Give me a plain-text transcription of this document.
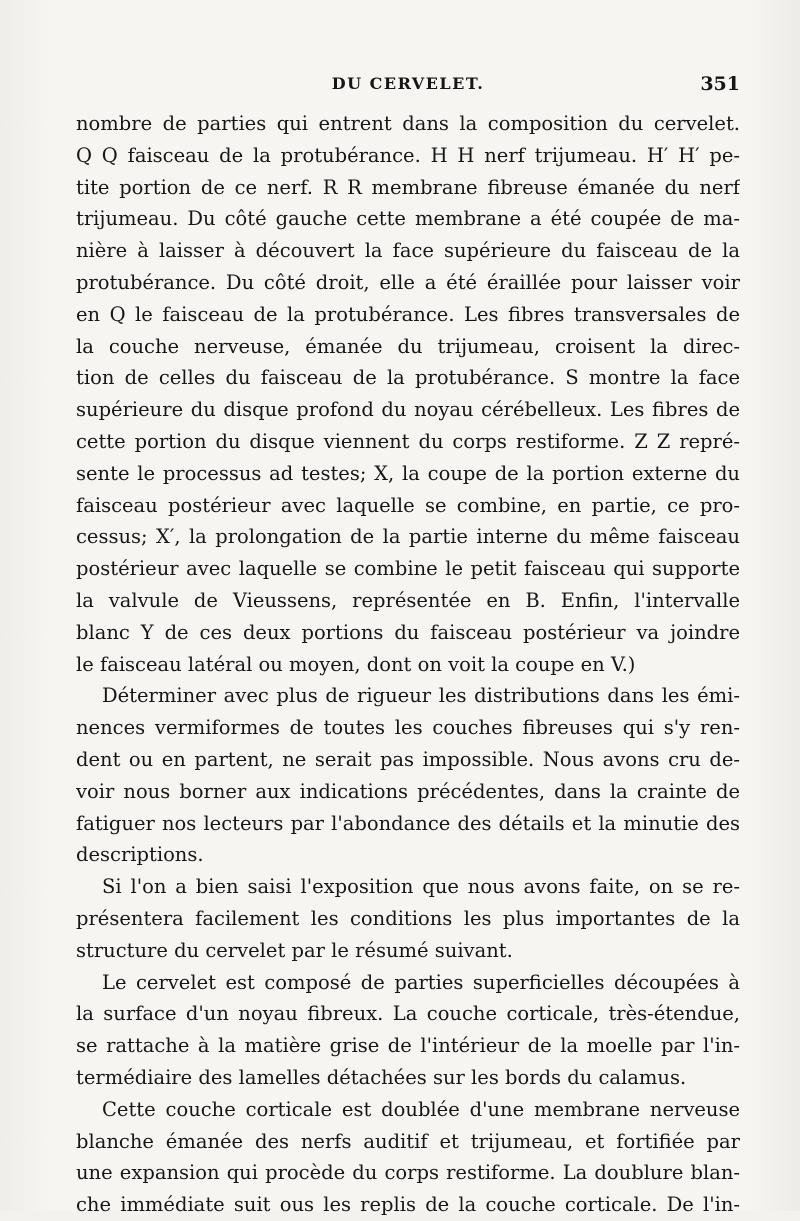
DU CERVELET.	351
nombre de parties qui entrent dans la composition du cervelet.
Q Q faisceau de la protubérance. H H nerf trijumeau. H′ H′ pe-
tite portion de ce nerf. R R membrane fibreuse émanée du nerf
trijumeau. Du côté gauche cette membrane a été coupée de ma-
nière à laisser à découvert la face supérieure du faisceau de la
protubérance. Du côté droit, elle a été éraillée pour laisser voir
en Q le faisceau de la protubérance. Les fibres transversales de
la couche nerveuse, émanée du trijumeau, croisent la direc-
tion de celles du faisceau de la protubérance. S montre la face
supérieure du disque profond du noyau cérébelleux. Les fibres de
cette portion du disque viennent du corps restiforme. Z Z repré-
sente le processus ad testes; X, la coupe de la portion externe du
faisceau postérieur avec laquelle se combine, en partie, ce pro-
cessus; X′, la prolongation de la partie interne du même faisceau
postérieur avec laquelle se combine le petit faisceau qui supporte
la valvule de Vieussens, représentée en B. Enfin, l'intervalle
blanc Y de ces deux portions du faisceau postérieur va joindre
le faisceau latéral ou moyen, dont on voit la coupe en V.)
Déterminer avec plus de rigueur les distributions dans les émi-
nences vermiformes de toutes les couches fibreuses qui s'y ren-
dent ou en partent, ne serait pas impossible. Nous avons cru de-
voir nous borner aux indications précédentes, dans la crainte de
fatiguer nos lecteurs par l'abondance des détails et la minutie des
descriptions.
Si l'on a bien saisi l'exposition que nous avons faite, on se re-
présentera facilement les conditions les plus importantes de la
structure du cervelet par le résumé suivant.
Le cervelet est composé de parties superficielles découpées à
la surface d'un noyau fibreux. La couche corticale, très-étendue,
se rattache à la matière grise de l'intérieur de la moelle par l'in-
termédiaire des lamelles détachées sur les bords du calamus.
Cette couche corticale est doublée d'une membrane nerveuse
blanche émanée des nerfs auditif et trijumeau, et fortifiée par
une expansion qui procède du corps restiforme. La doublure blan-
che immédiate suit ous les replis de la couche corticale. De l'in-
